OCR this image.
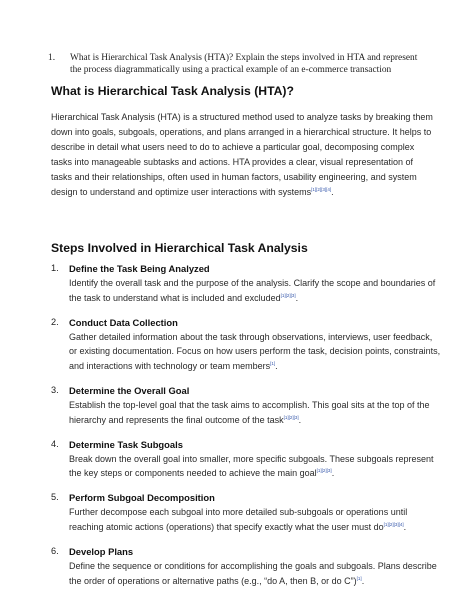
1.	What is Hierarchical Task Analysis (HTA)? Explain the steps involved in HTA and represent the process diagrammatically using a practical example of an e-commerce transaction
What is Hierarchical Task Analysis (HTA)?
Hierarchical Task Analysis (HTA) is a structured method used to analyze tasks by breaking them down into goals, subgoals, operations, and plans arranged in a hierarchical structure. It helps to describe in detail what users need to do to achieve a particular goal, decomposing complex tasks into manageable subtasks and actions. HTA provides a clear, visual representation of tasks and their relationships, often used in human factors, usability engineering, and system design to understand and optimize user interactions with systems[1][2][3][4].
Steps Involved in Hierarchical Task Analysis
1. Define the Task Being Analyzed
Identify the overall task and the purpose of the analysis. Clarify the scope and boundaries of the task to understand what is included and excluded[1][2][3].
2. Conduct Data Collection
Gather detailed information about the task through observations, interviews, user feedback, or existing documentation. Focus on how users perform the task, decision points, constraints, and interactions with technology or team members[1].
3. Determine the Overall Goal
Establish the top-level goal that the task aims to accomplish. This goal sits at the top of the hierarchy and represents the final outcome of the task[1][2][3].
4. Determine Task Subgoals
Break down the overall goal into smaller, more specific subgoals. These subgoals represent the key steps or components needed to achieve the main goal[1][2][3].
5. Perform Subgoal Decomposition
Further decompose each subgoal into more detailed sub-subgoals or operations until reaching atomic actions (operations) that specify exactly what the user must do[1][2][3][4].
6. Develop Plans
Define the sequence or conditions for accomplishing the goals and subgoals. Plans describe the order of operations or alternative paths (e.g., “do A, then B, or do C”)[1].
